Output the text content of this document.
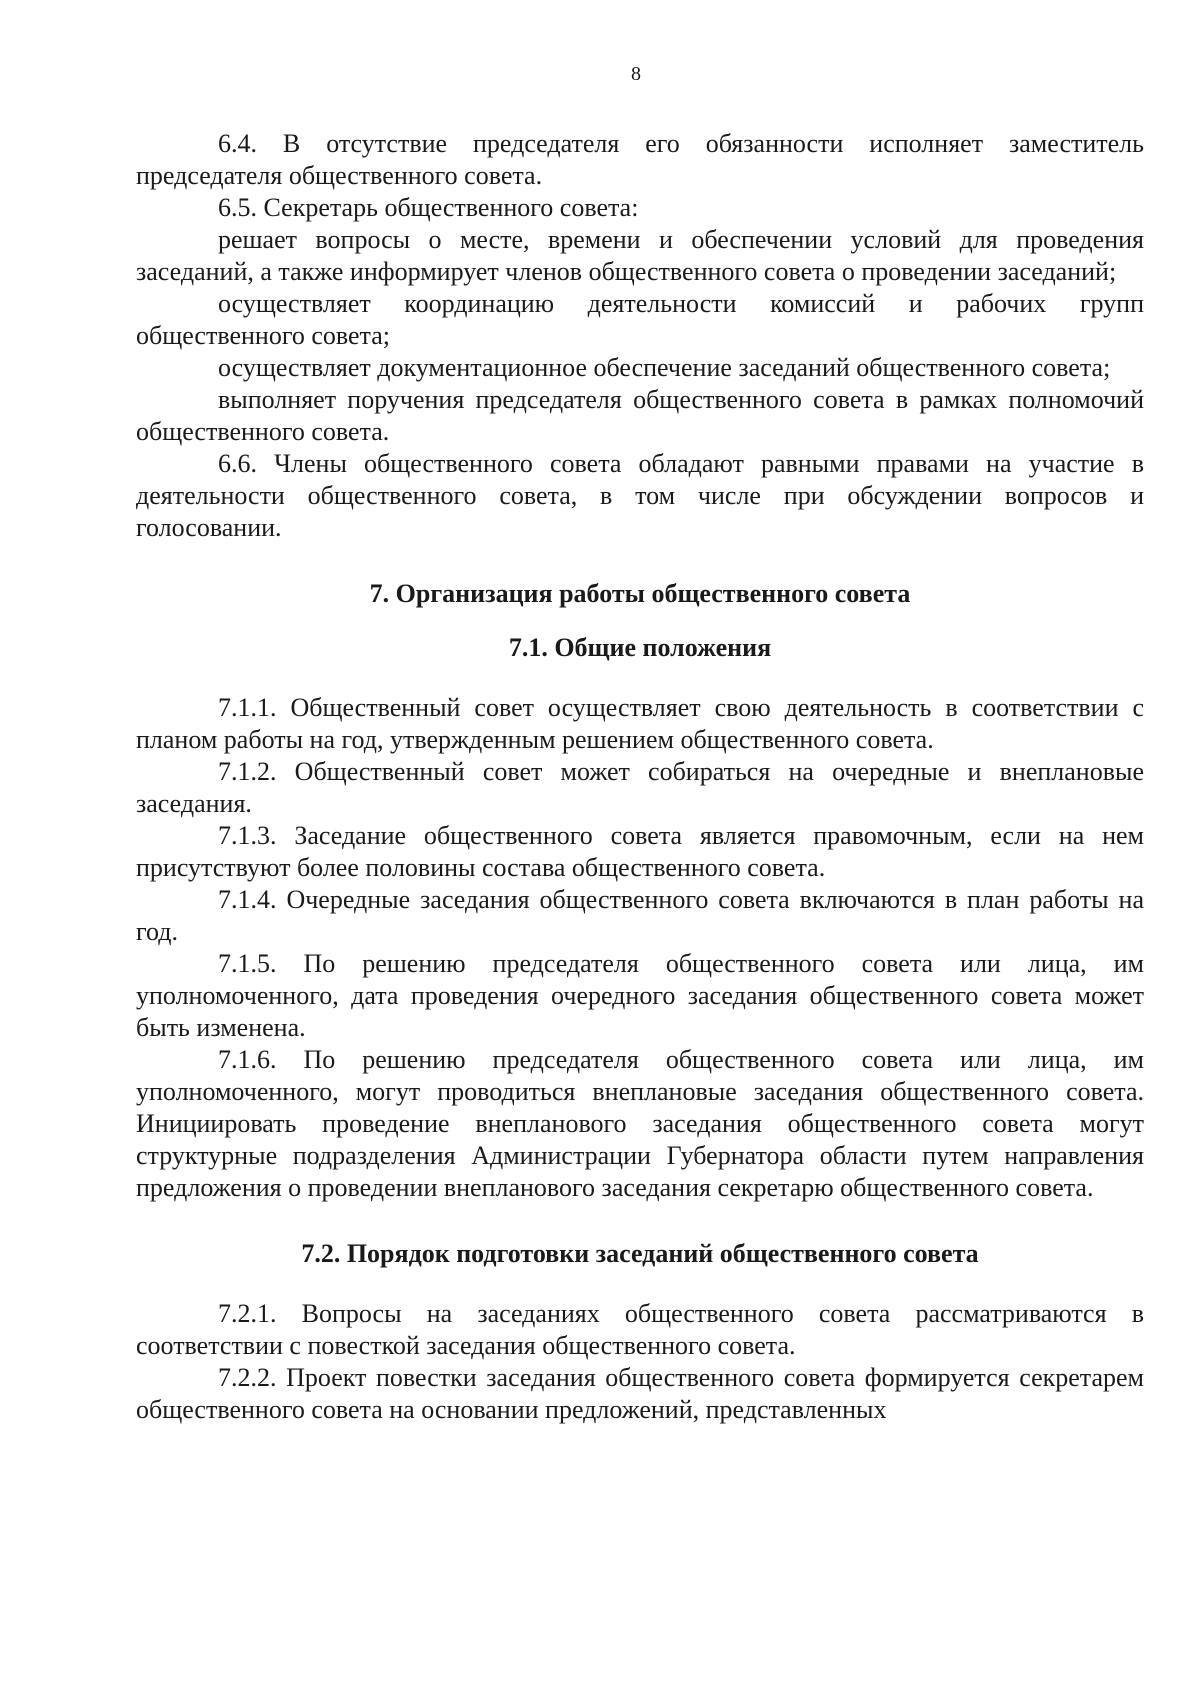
8

6.4. В отсутствие председателя его обязанности исполняет заместитель председателя общественного совета.

6.5. Секретарь общественного совета:

решает вопросы о месте, времени и обеспечении условий для проведения заседаний, а также информирует членов общественного совета о проведении заседаний;

осуществляет координацию деятельности комиссий и рабочих групп общественного совета;

осуществляет документационное обеспечение заседаний общественного совета;

выполняет поручения председателя общественного совета в рамках полномочий общественного совета.

6.6. Члены общественного совета обладают равными правами на участие в деятельности общественного совета, в том числе при обсуждении вопросов и голосовании.

7. Организация работы общественного совета
7.1. Общие положения

7.1.1. Общественный совет осуществляет свою деятельность в соответствии с планом работы на год, утвержденным решением общественного совета.

7.1.2. Общественный совет может собираться на очередные и внеплановые заседания.

7.1.3. Заседание общественного совета является правомочным, если на нем присутствуют более половины состава общественного совета.

7.1.4. Очередные заседания общественного совета включаются в план работы на год.

7.1.5. По решению председателя общественного совета или лица, им уполномоченного, дата проведения очередного заседания общественного совета может быть изменена.

7.1.6. По решению председателя общественного совета или лица, им уполномоченного, могут проводиться внеплановые заседания общественного совета. Инициировать проведение внепланового заседания общественного совета могут структурные подразделения Администрации Губернатора области путем направления предложения о проведении внепланового заседания секретарю общественного совета.

7.2. Порядок подготовки заседаний общественного совета

7.2.1. Вопросы на заседаниях общественного совета рассматриваются в соответствии с повесткой заседания общественного совета.

7.2.2. Проект повестки заседания общественного совета формируется секретарем общественного совета на основании предложений, представленных
